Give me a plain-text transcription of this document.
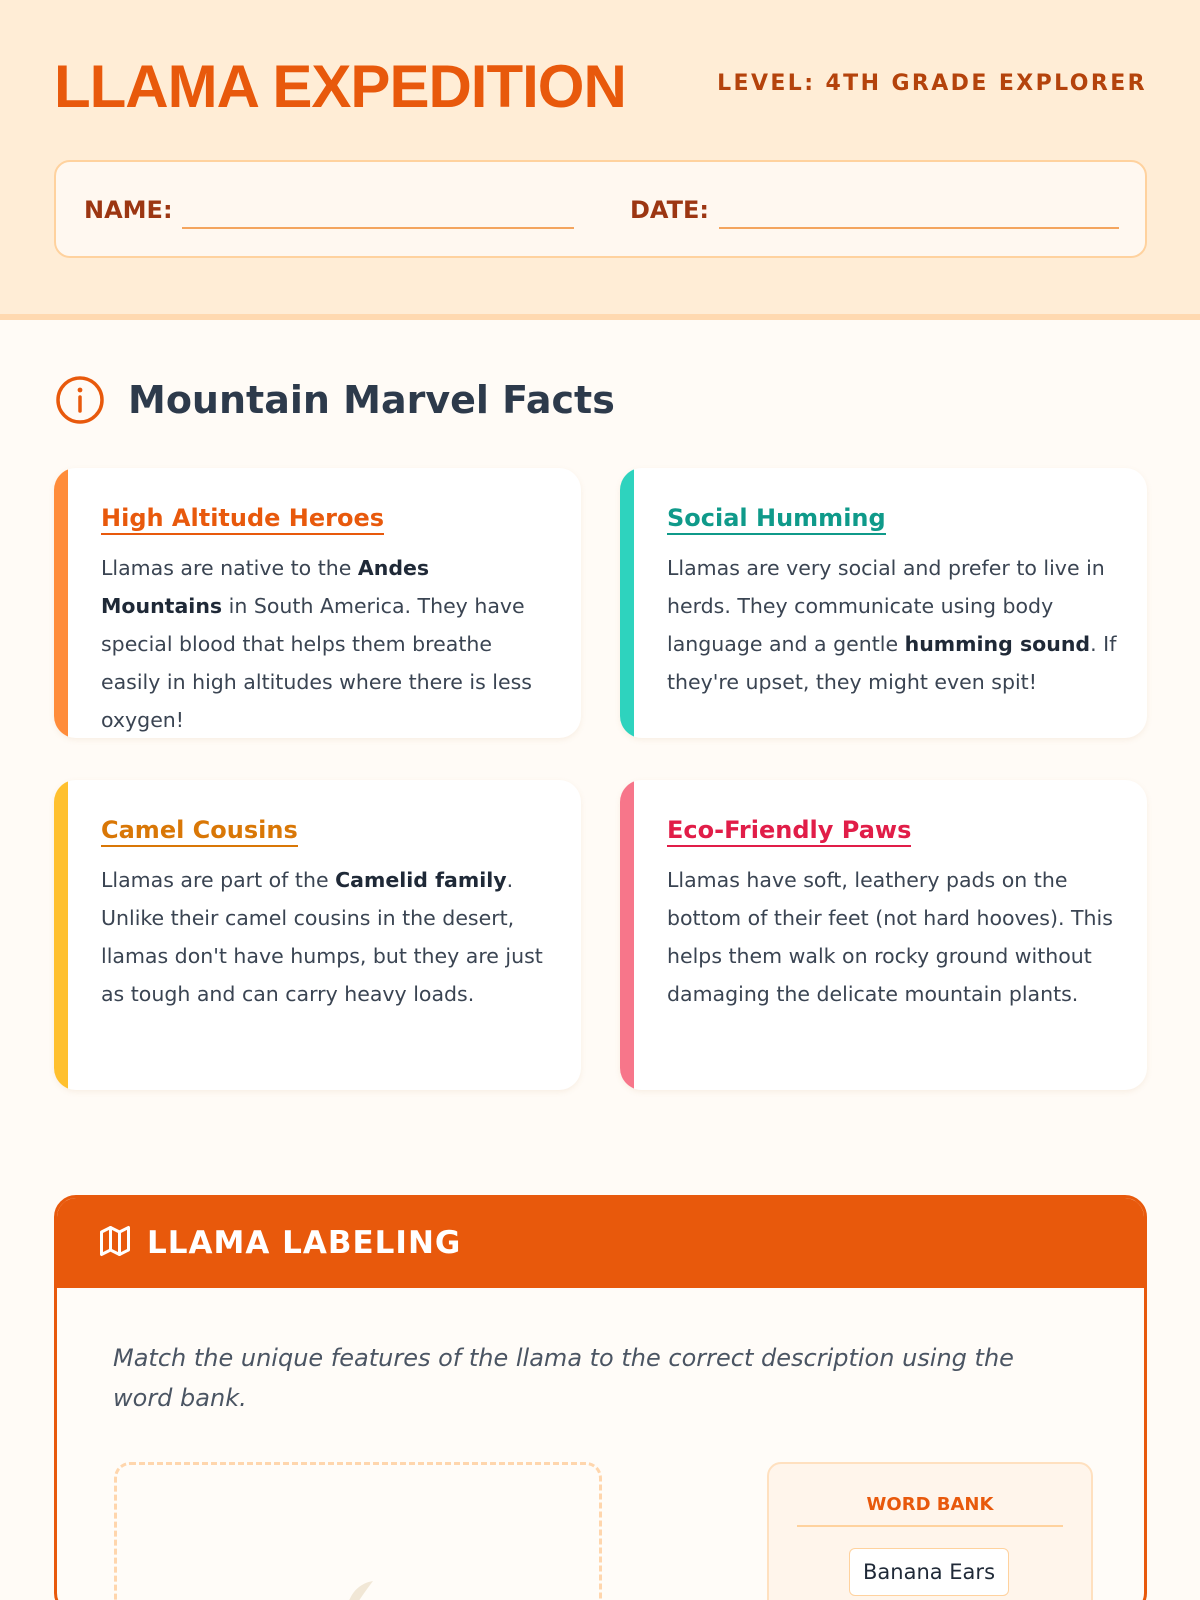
LLAMA EXPEDITION	LEVEL: 4TH GRADE EXPLORER
NAME:	DATE:
Mountain Marvel Facts
High Altitude Heroes
Llamas are native to the Andes Mountains in South America. They have special blood that helps them breathe easily in high altitudes where there is less oxygen!
Social Humming
Llamas are very social and prefer to live in herds. They communicate using body language and a gentle humming sound. If they're upset, they might even spit!
Camel Cousins
Llamas are part of the Camelid family. Unlike their camel cousins in the desert, llamas don't have humps, but they are just as tough and can carry heavy loads.
Eco-Friendly Paws
Llamas have soft, leathery pads on the bottom of their feet (not hard hooves). This helps them walk on rocky ground without damaging the delicate mountain plants.
LLAMA LABELING
Match the unique features of the llama to the correct description using the word bank.
WORD BANK
Banana Ears
